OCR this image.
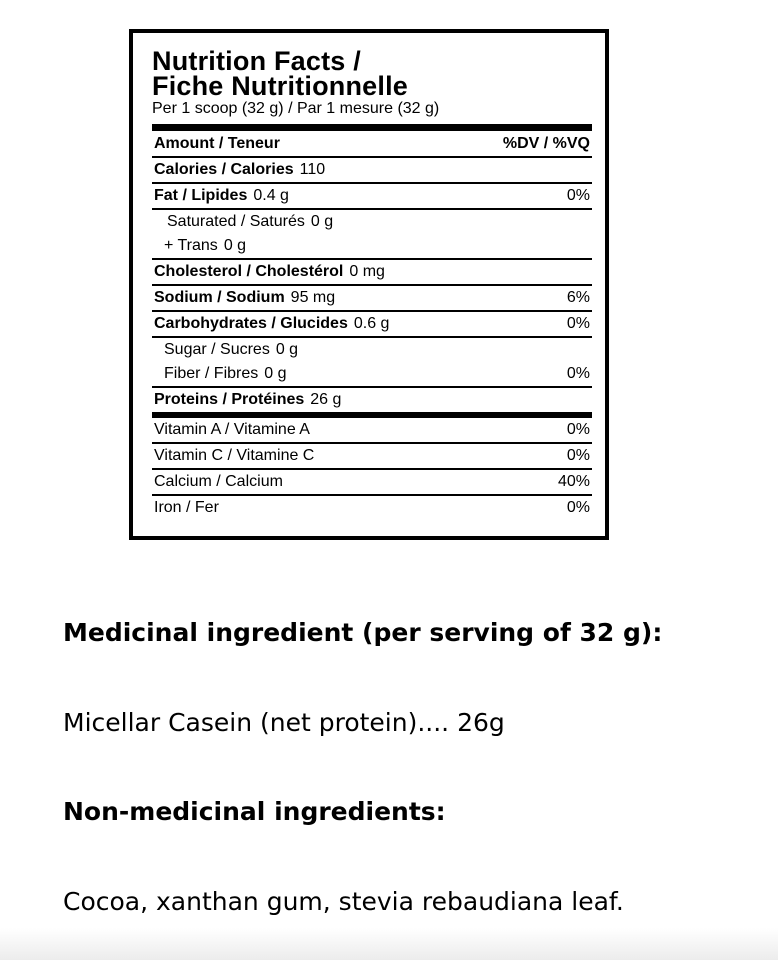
Nutrition Facts /
Fiche Nutritionnelle
Per 1 scoop (32 g) / Par 1 mesure (32 g)
Amount / Teneur	%DV / %VQ
Calories / Calories 110
Fat / Lipides 0.4 g	0%
Saturated / Saturés 0 g
+ Trans 0 g
Cholesterol / Cholestérol 0 mg
Sodium / Sodium 95 mg	6%
Carbohydrates / Glucides 0.6 g	0%
Sugar / Sucres 0 g
Fiber / Fibres 0 g	0%
Proteins / Protéines 26 g
Vitamin A / Vitamine A	0%
Vitamin C / Vitamine C	0%
Calcium / Calcium	40%
Iron / Fer	0%
Medicinal ingredient (per serving of 32 g):
Micellar Casein (net protein).... 26g
Non-medicinal ingredients:
Cocoa, xanthan gum, stevia rebaudiana leaf.
